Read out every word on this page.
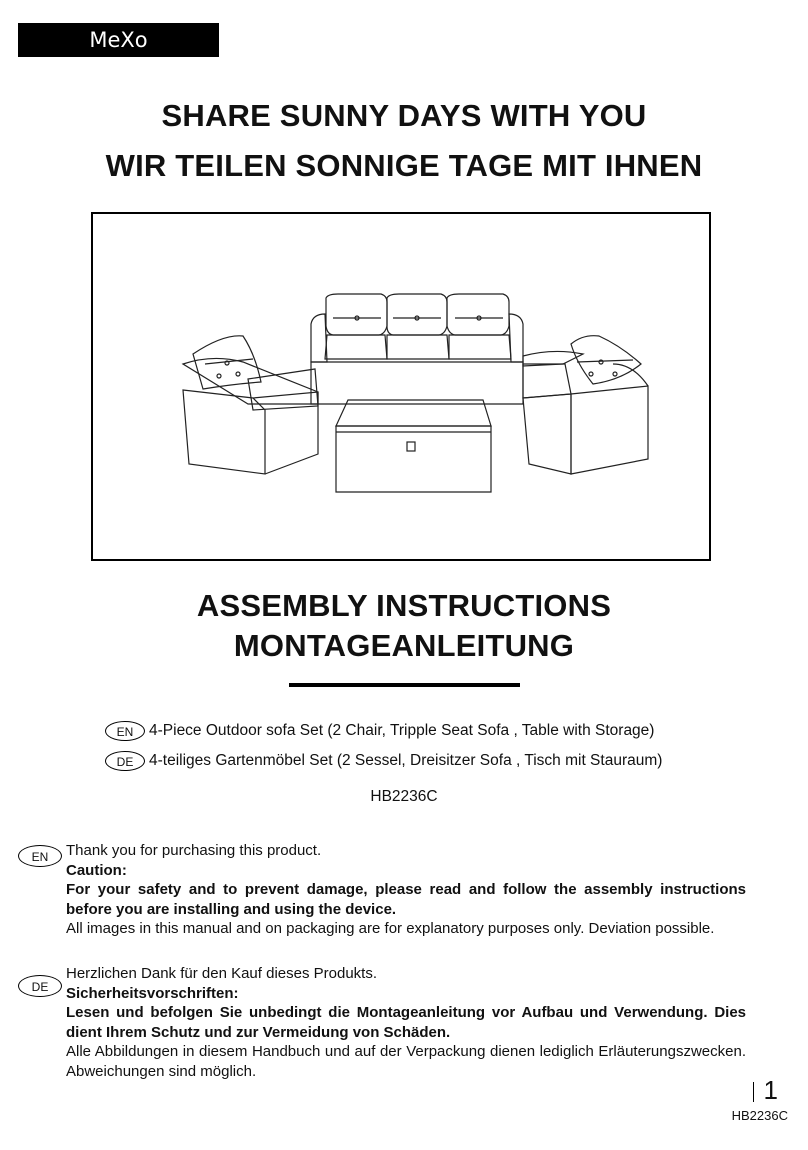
MeXo
SHARE SUNNY DAYS WITH YOU
WIR TEILEN SONNIGE TAGE MIT IHNEN
ASSEMBLY INSTRUCTIONS
MONTAGEANLEITUNG
EN	4-Piece Outdoor sofa Set (2 Chair, Tripple Seat Sofa , Table with Storage)
DE	4-teiliges Gartenmöbel Set (2 Sessel, Dreisitzer Sofa , Tisch mit Stauraum)
HB2236C
EN	Thank you for purchasing this product.
Caution:
For your safety and to prevent damage, please read and follow the assembly instructions before you are installing and using the device.
All images in this manual and on packaging are for explanatory purposes only. Deviation possible.
DE
Herzlichen Dank für den Kauf dieses Produkts.
Sicherheitsvorschriften:
Lesen und befolgen Sie unbedingt die Montageanleitung vor Aufbau und Verwendung. Dies dient Ihrem Schutz und zur Vermeidung von Schäden.
Alle Abbildungen in diesem Handbuch und auf der Verpackung dienen lediglich Erläuterungszwecken. Abweichungen sind möglich.
1
HB2236C
